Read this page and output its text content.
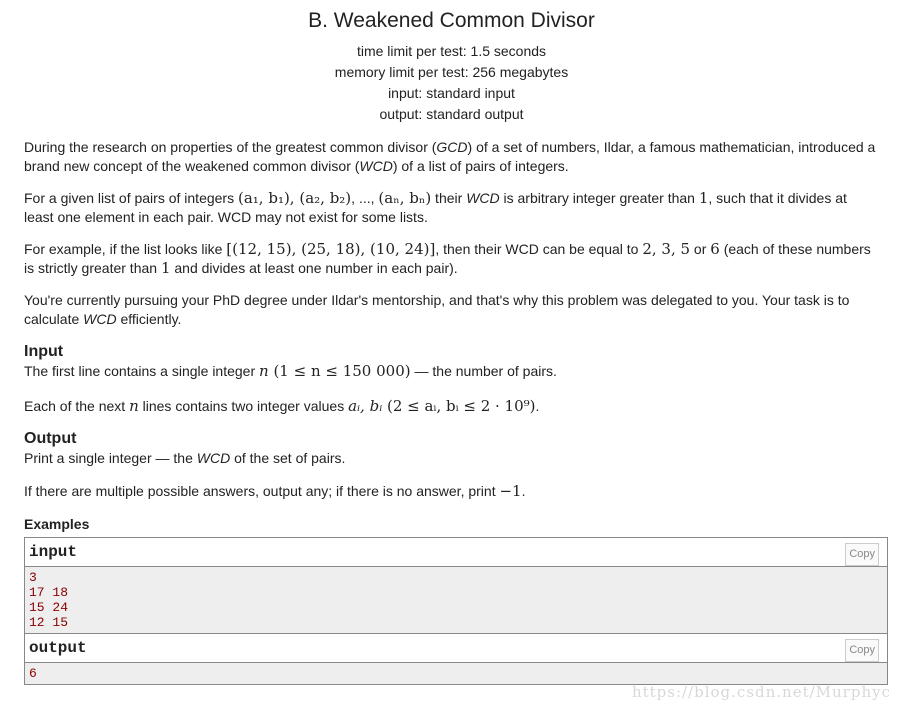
B. Weakened Common Divisor
time limit per test: 1.5 seconds
memory limit per test: 256 megabytes
input: standard input
output: standard output

During the research on properties of the greatest common divisor (GCD) of a set of numbers, Ildar, a famous mathematician, introduced a brand new concept of the weakened common divisor (WCD) of a list of pairs of integers.

For a given list of pairs of integers (a₁, b₁), (a₂, b₂), ..., (aₙ, bₙ) their WCD is arbitrary integer greater than 1, such that it divides at least one element in each pair. WCD may not exist for some lists.

For example, if the list looks like [(12, 15), (25, 18), (10, 24)], then their WCD can be equal to 2, 3, 5 or 6 (each of these numbers is strictly greater than 1 and divides at least one number in each pair).

You're currently pursuing your PhD degree under Ildar's mentorship, and that's why this problem was delegated to you. Your task is to calculate WCD efficiently.

Input

The first line contains a single integer n (1 ≤ n ≤ 150 000) — the number of pairs.

Each of the next n lines contains two integer values aᵢ, bᵢ (2 ≤ aᵢ, bᵢ ≤ 2 · 10⁹).

Output

Print a single integer — the WCD of the set of pairs.

If there are multiple possible answers, output any; if there is no answer, print −1.

Examples
input	Copy
3
17 18
15 24
12 15
output	Copy
6
https://blog.csdn.net/Murphyc
